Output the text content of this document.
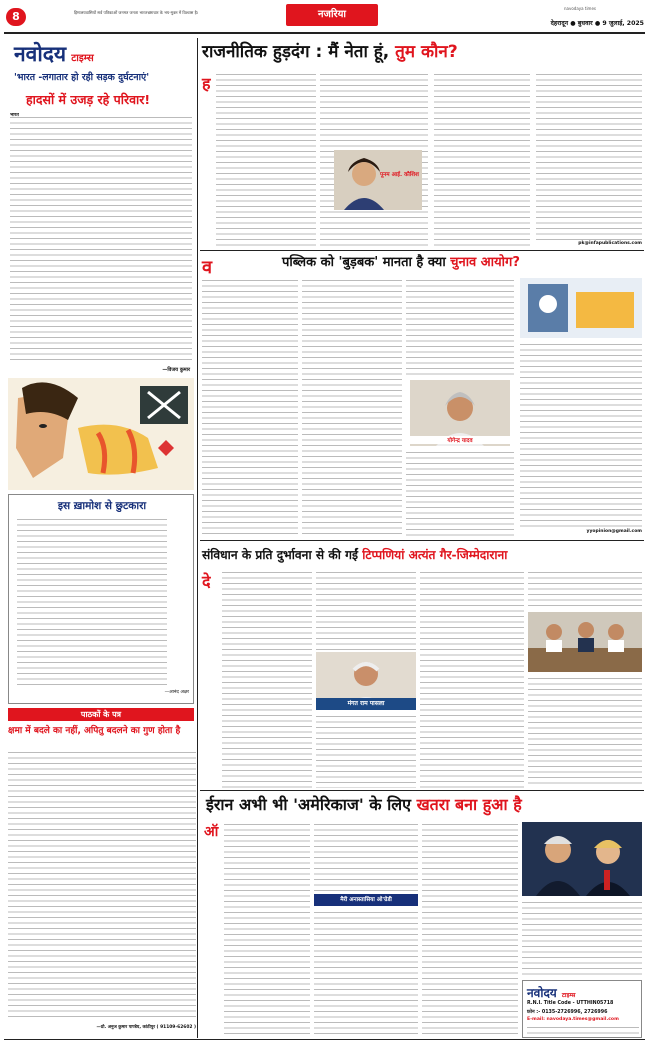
8	हिमालयवासियों सर्व पत्रिकाओं जनमत जनता भारतभ्रष्टाचार के भय-मुक्त में विश्वास है।	नजरिया
navodaya times
देहरादून ● बुधवार ● 9 जुलाई, 2025
नवोदय टाइम्स
'भारत -लगातार हो रही सड़क दुर्घटनाएं'
हादसों में उजड़ रहे परिवार!
भारत
—विजय कुमार
इस ख़ामोश से छुटकारा
—आनंद अक्षर
पाठकों के पत्र
क्षमा में बदले का नहीं, अपितु बदलने का गुण होता है
—प्रो. अनुज कुमार पाण्डेय, कांठीपुर ( 91109-62602 )
राजनीतिक हुड़दंग : मैं नेता हूं, तुम कौन?
ह
पूनम आई. कौशिश
pk@infapublications.com
पब्लिक को 'बुड़बक' मानता है क्या चुनाव आयोग?
व
योगेन्द्र यादव
yyopinion@gmail.com
संविधान के प्रति दुर्भावना से की गईं टिप्पणियां अत्यंत गैर-जिम्मेदाराना
दे
मंगत राम पासला
ईरान अभी भी 'अमेरिकाज' के लिए खतरा बना हुआ है
ऑ
मैरी अनास्तासिया ओ'ग्रेडी
नवोदय टाइम्स
R.N.I. Title Code - UTTHIN05718
फ़ोन :- 0135-2726996, 2726996
E-mail: navodaya.times@gmail.com
